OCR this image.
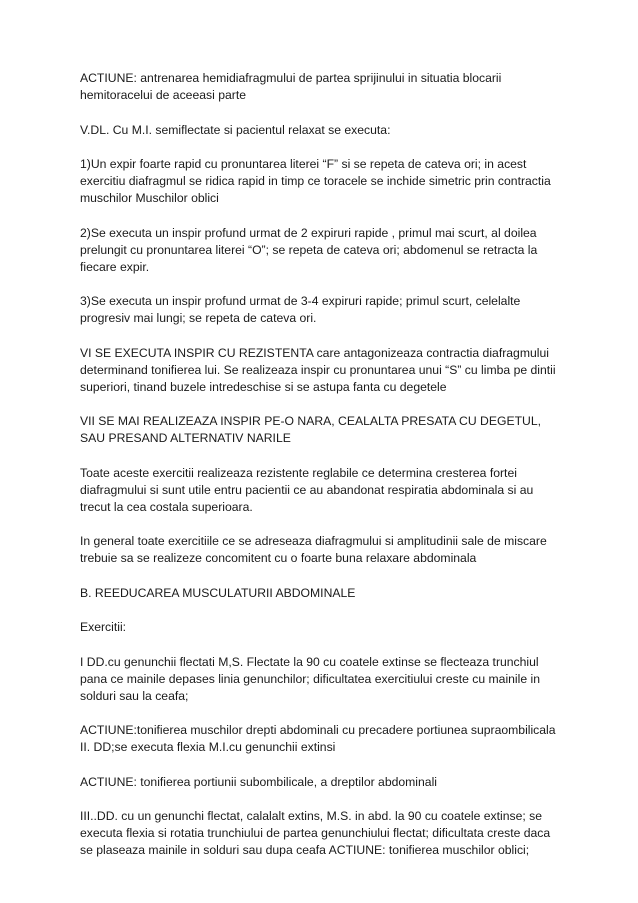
ACTIUNE: antrenarea hemidiafragmului de partea sprijinului in situatia blocarii hemitoracelui de aceeasi parte

V.DL. Cu M.I. semiflectate si pacientul relaxat se executa:

1)Un expir foarte rapid cu pronuntarea literei “F” si se repeta de cateva ori; in acest exercitiu diafragmul se ridica rapid in timp ce toracele se inchide simetric prin contractia muschilor Muschilor oblici

2)Se executa un inspir profund urmat de 2 expiruri rapide , primul mai scurt, al doilea prelungit cu pronuntarea literei “O”; se repeta de cateva ori; abdomenul se retracta la fiecare expir.

3)Se executa un inspir profund urmat de 3-4 expiruri rapide; primul scurt, celelalte progresiv mai lungi; se repeta de cateva ori.

VI SE EXECUTA INSPIR CU REZISTENTA care antagonizeaza contractia diafragmului determinand tonifierea lui. Se realizeaza inspir cu pronuntarea unui “S” cu limba pe dintii superiori, tinand buzele intredeschise si se astupa fanta cu degetele

VII SE MAI REALIZEAZA INSPIR PE-O NARA, CEALALTA PRESATA CU DEGETUL, SAU PRESAND ALTERNATIV NARILE

Toate aceste exercitii realizeaza rezistente reglabile ce determina cresterea fortei diafragmului si sunt utile entru pacientii ce au abandonat respiratia abdominala si au trecut la cea costala superioara.

In general toate exercitiile ce se adreseaza diafragmului si amplitudinii sale de miscare trebuie sa se realizeze concomitent cu o foarte buna relaxare abdominala

B. REEDUCAREA MUSCULATURII ABDOMINALE

Exercitii:

I DD.cu genunchii flectati M,S. Flectate la 90 cu coatele extinse se flecteaza trunchiul pana ce mainile depases linia genunchilor; dificultatea exercitiului creste cu mainile in solduri sau la ceafa;

ACTIUNE:tonifierea muschilor drepti abdominali cu precadere portiunea supraombilicala II. DD;se executa flexia M.I.cu genunchii extinsi

ACTIUNE: tonifierea portiunii subombilicale, a dreptilor abdominali

III..DD. cu un genunchi flectat, calalalt extins, M.S. in abd. la 90 cu coatele extinse; se executa flexia si rotatia trunchiului de partea genunchiului flectat; dificultata creste daca se plaseaza mainile in solduri sau dupa ceafa ACTIUNE: tonifierea muschilor oblici;
